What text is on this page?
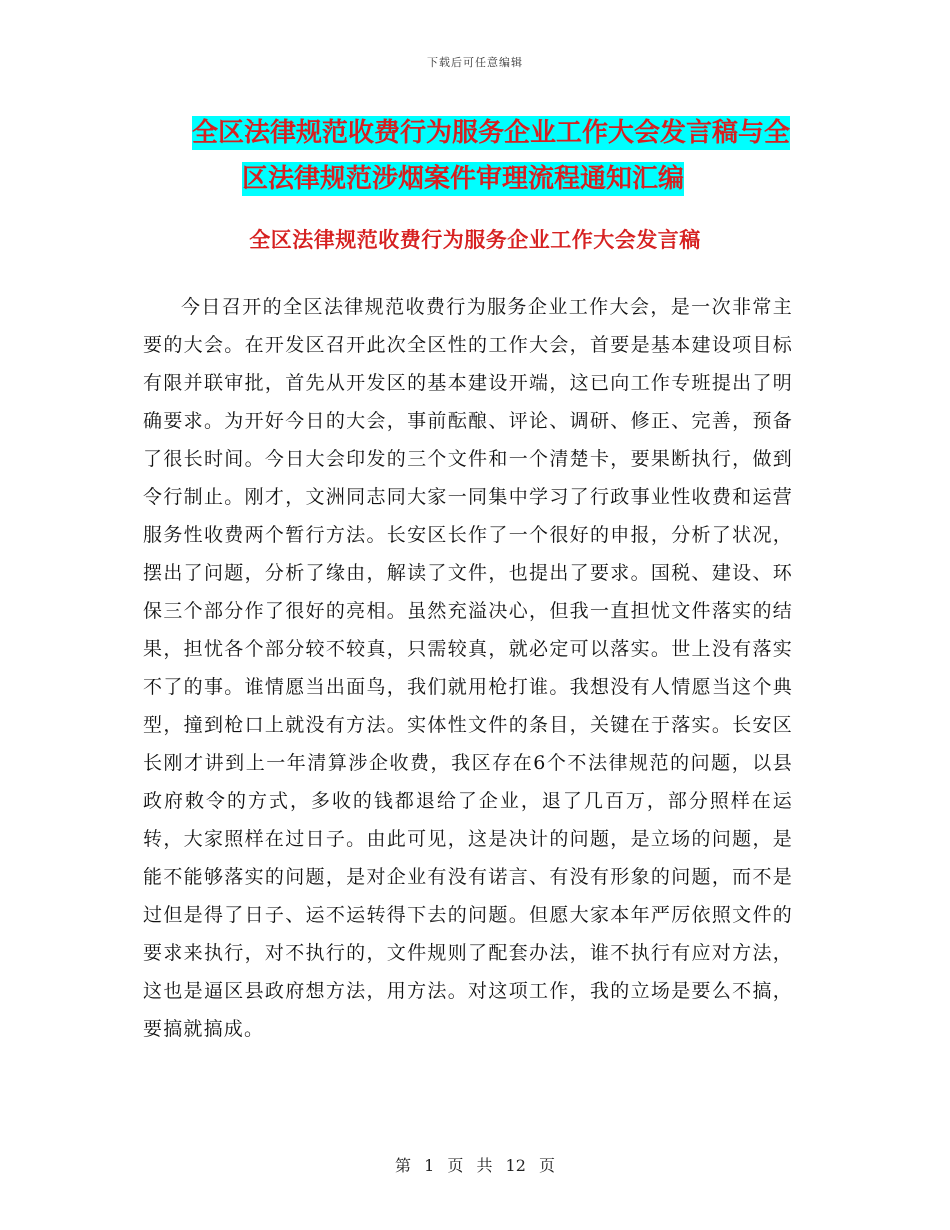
下载后可任意编辑
全区法律规范收费行为服务企业工作大会发言稿与全
区法律规范涉烟案件审理流程通知汇编
全区法律规范收费行为服务企业工作大会发言稿

今日召开的全区法律规范收费行为服务企业工作大会，是一次非常主要的大会。在开发区召开此次全区性的工作大会，首要是基本建设项目标有限并联审批，首先从开发区的基本建设开端，这已向工作专班提出了明确要求。为开好今日的大会，事前酝酿、评论、调研、修正、完善，预备了很长时间。今日大会印发的三个文件和一个清楚卡，要果断执行，做到令行制止。刚才，文洲同志同大家一同集中学习了行政事业性收费和运营服务性收费两个暂行方法。长安区长作了一个很好的申报，分析了状况，摆出了问题，分析了缘由，解读了文件，也提出了要求。国税、建设、环保三个部分作了很好的亮相。虽然充溢决心，但我一直担忧文件落实的结果，担忧各个部分较不较真，只需较真，就必定可以落实。世上没有落实不了的事。谁情愿当出面鸟，我们就用枪打谁。我想没有人情愿当这个典型，撞到枪口上就没有方法。实体性文件的条目，关键在于落实。长安区长刚才讲到上一年清算涉企收费，我区存在6个不法律规范的问题，以县政府敕令的方式，多收的钱都退给了企业，退了几百万，部分照样在运转，大家照样在过日子。由此可见，这是决计的问题，是立场的问题，是能不能够落实的问题，是对企业有没有诺言、有没有形象的问题，而不是过但是得了日子、运不运转得下去的问题。但愿大家本年严厉依照文件的要求来执行，对不执行的，文件规则了配套办法，谁不执行有应对方法，这也是逼区县政府想方法，用方法。对这项工作，我的立场是要么不搞，要搞就搞成。

第 1 页 共 12 页
